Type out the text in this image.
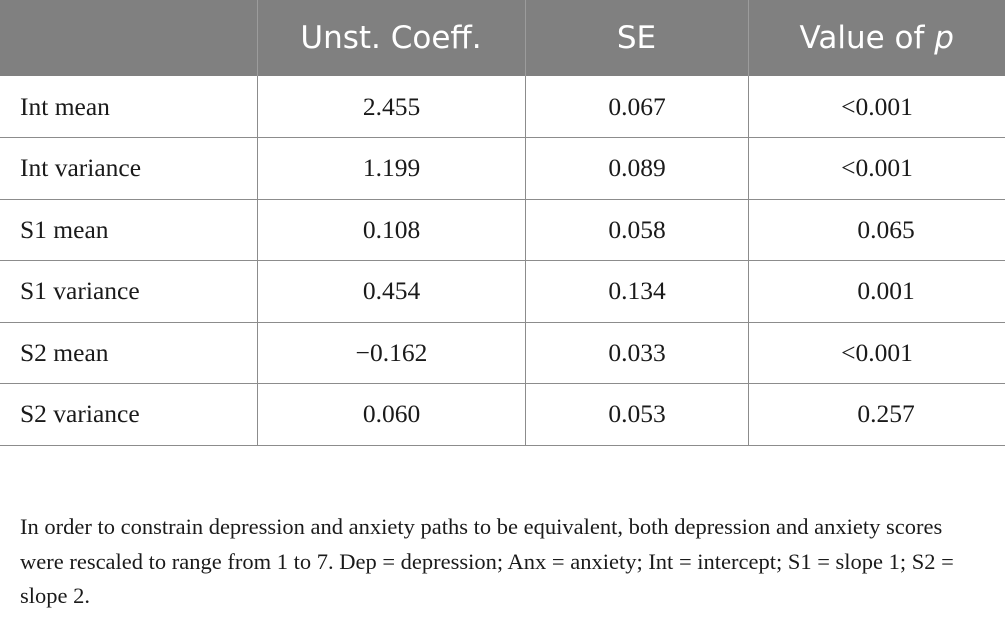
	Unst. Coeff.	SE	Value of p
Int mean	2.455	0.067	<0.001
Int variance	1.199	0.089	<0.001
S1 mean	0.108	0.058	0.065
S1 variance	0.454	0.134	0.001
S2 mean	−0.162	0.033	<0.001
S2 variance	0.060	0.053	0.257

In order to constrain depression and anxiety paths to be equivalent, both depression and anxiety scores were rescaled to range from 1 to 7. Dep = depression; Anx = anxiety; Int = intercept; S1 = slope 1; S2 = slope 2.
